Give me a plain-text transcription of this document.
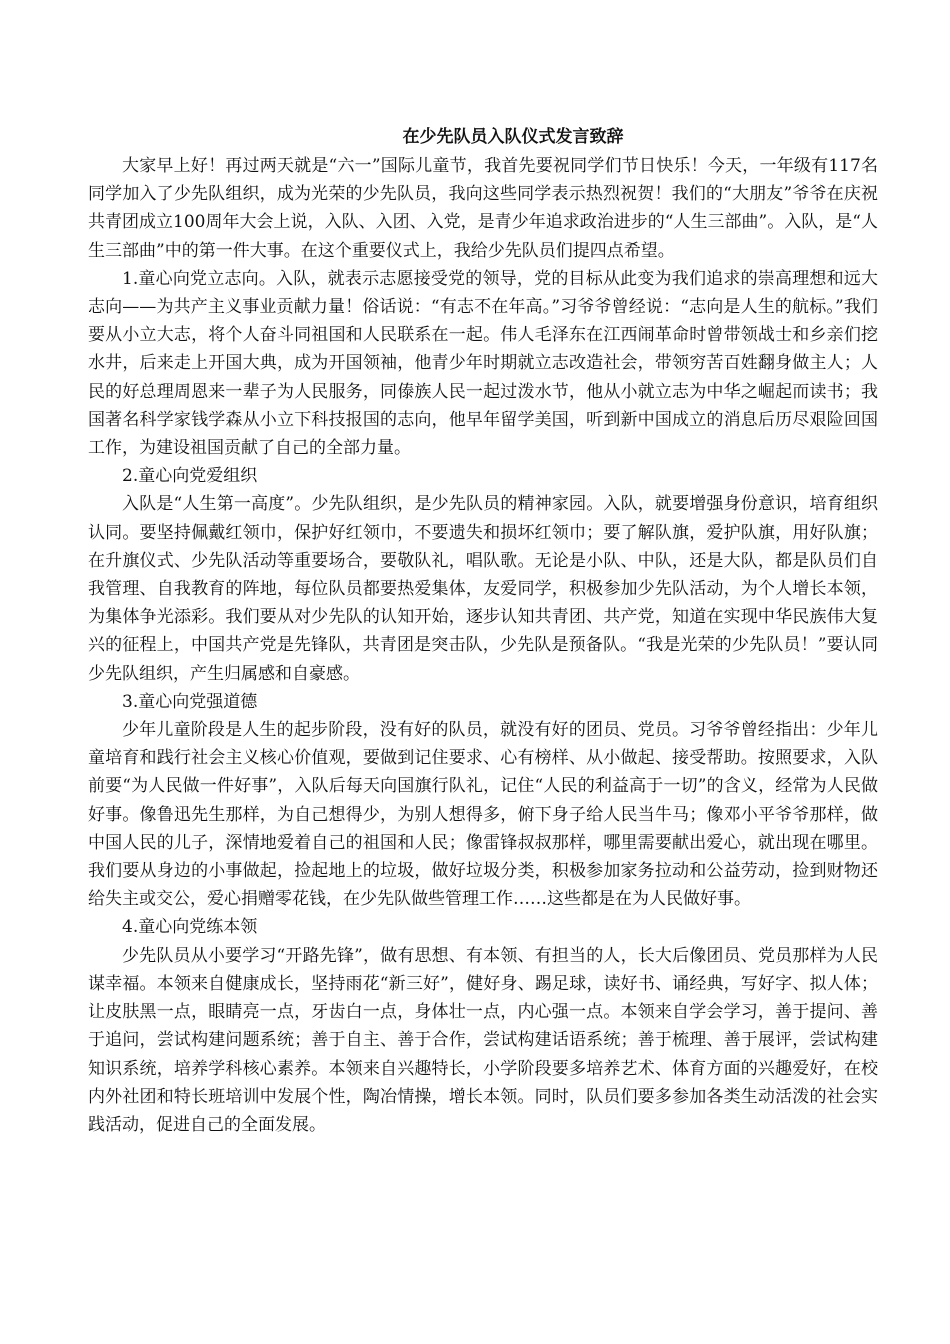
在少先队员入队仪式发言致辞

大家早上好！再过两天就是“六一”国际儿童节，我首先要祝同学们节日快乐！今天，一年级有117名同学加入了少先队组织，成为光荣的少先队员，我向这些同学表示热烈祝贺！我们的“大朋友”爷爷在庆祝共青团成立100周年大会上说，入队、入团、入党，是青少年追求政治进步的“人生三部曲”。入队，是“人生三部曲”中的第一件大事。在这个重要仪式上，我给少先队员们提四点希望。

1.童心向党立志向。入队，就表示志愿接受党的领导，党的目标从此变为我们追求的崇高理想和远大志向——为共产主义事业贡献力量！俗话说：“有志不在年高。”习爷爷曾经说：“志向是人生的航标。”我们要从小立大志，将个人奋斗同祖国和人民联系在一起。伟人毛泽东在江西闹革命时曾带领战士和乡亲们挖水井，后来走上开国大典，成为开国领袖，他青少年时期就立志改造社会，带领穷苦百姓翻身做主人；人民的好总理周恩来一辈子为人民服务，同傣族人民一起过泼水节，他从小就立志为中华之崛起而读书；我国著名科学家钱学森从小立下科技报国的志向，他早年留学美国，听到新中国成立的消息后历尽艰险回国工作，为建设祖国贡献了自己的全部力量。

2.童心向党爱组织

入队是“人生第一高度”。少先队组织，是少先队员的精神家园。入队，就要增强身份意识，培育组织认同。要坚持佩戴红领巾，保护好红领巾，不要遗失和损坏红领巾；要了解队旗，爱护队旗，用好队旗；在升旗仪式、少先队活动等重要场合，要敬队礼，唱队歌。无论是小队、中队，还是大队，都是队员们自我管理、自我教育的阵地，每位队员都要热爱集体，友爱同学，积极参加少先队活动，为个人增长本领，为集体争光添彩。我们要从对少先队的认知开始，逐步认知共青团、共产党，知道在实现中华民族伟大复兴的征程上，中国共产党是先锋队，共青团是突击队，少先队是预备队。“我是光荣的少先队员！”要认同少先队组织，产生归属感和自豪感。

3.童心向党强道德

少年儿童阶段是人生的起步阶段，没有好的队员，就没有好的团员、党员。习爷爷曾经指出：少年儿童培育和践行社会主义核心价值观，要做到记住要求、心有榜样、从小做起、接受帮助。按照要求，入队前要“为人民做一件好事”，入队后每天向国旗行队礼，记住“人民的利益高于一切”的含义，经常为人民做好事。像鲁迅先生那样，为自己想得少，为别人想得多，俯下身子给人民当牛马；像邓小平爷爷那样，做中国人民的儿子，深情地爱着自己的祖国和人民；像雷锋叔叔那样，哪里需要献出爱心，就出现在哪里。我们要从身边的小事做起，捡起地上的垃圾，做好垃圾分类，积极参加家务拉动和公益劳动，捡到财物还给失主或交公，爱心捐赠零花钱，在少先队做些管理工作……这些都是在为人民做好事。

4.童心向党练本领

少先队员从小要学习“开路先锋”，做有思想、有本领、有担当的人，长大后像团员、党员那样为人民谋幸福。本领来自健康成长，坚持雨花“新三好”，健好身、踢足球，读好书、诵经典，写好字、拟人体；让皮肤黑一点，眼睛亮一点，牙齿白一点，身体壮一点，内心强一点。本领来自学会学习，善于提问、善于追问，尝试构建问题系统；善于自主、善于合作，尝试构建话语系统；善于梳理、善于展评，尝试构建知识系统，培养学科核心素养。本领来自兴趣特长，小学阶段要多培养艺术、体育方面的兴趣爱好，在校内外社团和特长班培训中发展个性，陶冶情操，增长本领。同时，队员们要多参加各类生动活泼的社会实践活动，促进自己的全面发展。
